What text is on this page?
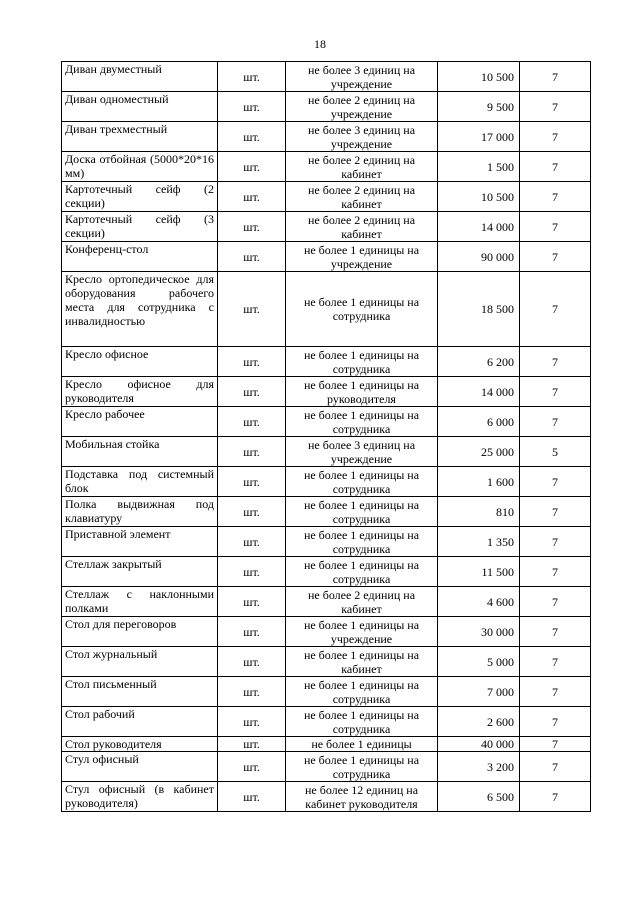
18
Диван двуместный	шт.	не более 3 единиц на учреждение	10 500	7
Диван одноместный	шт.	не более 2 единиц на учреждение	9 500	7
Диван трехместный	шт.	не более 3 единиц на учреждение	17 000	7
Доска отбойная (5000*20*16 мм)	шт.	не более 2 единиц на кабинет	1 500	7
Картотечный сейф (2 секции)	шт.	не более 2 единиц на кабинет	10 500	7
Картотечный сейф (3 секции)	шт.	не более 2 единиц на кабинет	14 000	7
Конференц-стол	шт.	не более 1 единицы на учреждение	90 000	7
Кресло ортопедическое для оборудования рабочего места для сотрудника с инвалидностью	шт.	не более 1 единицы на сотрудника	18 500	7
Кресло офисное	шт.	не более 1 единицы на сотрудника	6 200	7
Кресло офисное для руководителя	шт.	не более 1 единицы на руководителя	14 000	7
Кресло рабочее	шт.	не более 1 единицы на сотрудника	6 000	7
Мобильная стойка	шт.	не более 3 единиц на учреждение	25 000	5
Подставка под системный блок	шт.	не более 1 единицы на сотрудника	1 600	7
Полка выдвижная под клавиатуру	шт.	не более 1 единицы на сотрудника	810	7
Приставной элемент	шт.	не более 1 единицы на сотрудника	1 350	7
Стеллаж закрытый	шт.	не более 1 единицы на сотрудника	11 500	7
Стеллаж с наклонными полками	шт.	не более 2 единиц на кабинет	4 600	7
Стол для переговоров	шт.	не более 1 единицы на учреждение	30 000	7
Стол журнальный	шт.	не более 1 единицы на кабинет	5 000	7
Стол письменный	шт.	не более 1 единицы на сотрудника	7 000	7
Стол рабочий	шт.	не более 1 единицы на сотрудника	2 600	7
Стол руководителя	шт.	не более 1 единицы	40 000	7
Стул офисный	шт.	не более 1 единицы на сотрудника	3 200	7
Стул офисный (в кабинет руководителя)	шт.	не более 12 единиц на кабинет руководителя	6 500	7
